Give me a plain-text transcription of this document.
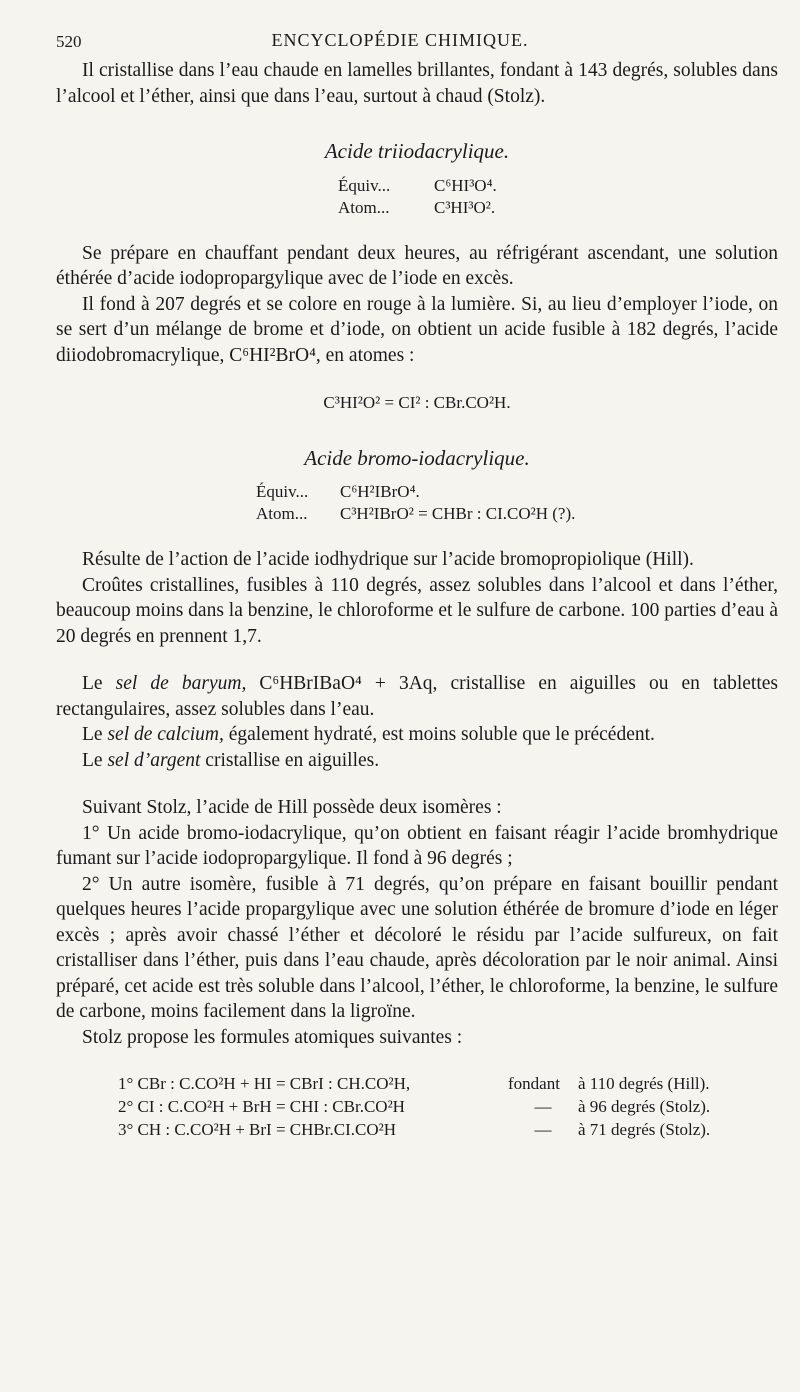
520	ENCYCLOPÉDIE CHIMIQUE.

Il cristallise dans l’eau chaude en lamelles brillantes, fondant à 143 degrés, solubles dans l’alcool et l’éther, ainsi que dans l’eau, surtout à chaud (Stolz).

Acide triiodacrylique.
Équiv...	C⁶HI³O⁴.
Atom...	C³HI³O².

Se prépare en chauffant pendant deux heures, au réfrigérant ascendant, une solution éthérée d’acide iodopropargylique avec de l’iode en excès.

Il fond à 207 degrés et se colore en rouge à la lumière. Si, au lieu d’employer l’iode, on se sert d’un mélange de brome et d’iode, on obtient un acide fusible à 182 degrés, l’acide diiodobromacrylique, C⁶HI²BrO⁴, en atomes :

C³HI²O² = CI² : CBr.CO²H.
Acide bromo-iodacrylique.
Équiv... C⁶H²IBrO⁴.
Atom... C³H²IBrO² = CHBr : CI.CO²H (?).

Résulte de l’action de l’acide iodhydrique sur l’acide bromopropiolique (Hill).

Croûtes cristallines, fusibles à 110 degrés, assez solubles dans l’alcool et dans l’éther, beaucoup moins dans la benzine, le chloroforme et le sulfure de carbone. 100 parties d’eau à 20 degrés en prennent 1,7.

Le sel de baryum, C⁶HBrIBaO⁴ + 3Aq, cristallise en aiguilles ou en tablettes rectangulaires, assez solubles dans l’eau.

Le sel de calcium, également hydraté, est moins soluble que le précédent.

Le sel d’argent cristallise en aiguilles.

Suivant Stolz, l’acide de Hill possède deux isomères :

1° Un acide bromo-iodacrylique, qu’on obtient en faisant réagir l’acide bromhydrique fumant sur l’acide iodopropargylique. Il fond à 96 degrés ;

2° Un autre isomère, fusible à 71 degrés, qu’on prépare en faisant bouillir pendant quelques heures l’acide propargylique avec une solution éthérée de bromure d’iode en léger excès ; après avoir chassé l’éther et décoloré le résidu par l’acide sulfureux, on fait cristalliser dans l’éther, puis dans l’eau chaude, après décoloration par le noir animal. Ainsi préparé, cet acide est très soluble dans l’alcool, l’éther, le chloroforme, la benzine, le sulfure de carbone, moins facilement dans la ligroïne.

Stolz propose les formules atomiques suivantes :

1° CBr : C.CO²H + HI = CBrI : CH.CO²H,	fondant à 110 degrés (Hill).
2° CI : C.CO²H + BrH = CHI : CBr.CO²H	— à 96 degrés (Stolz).
3° CH : C.CO²H + BrI = CHBr.CI.CO²H	— à 71 degrés (Stolz).
